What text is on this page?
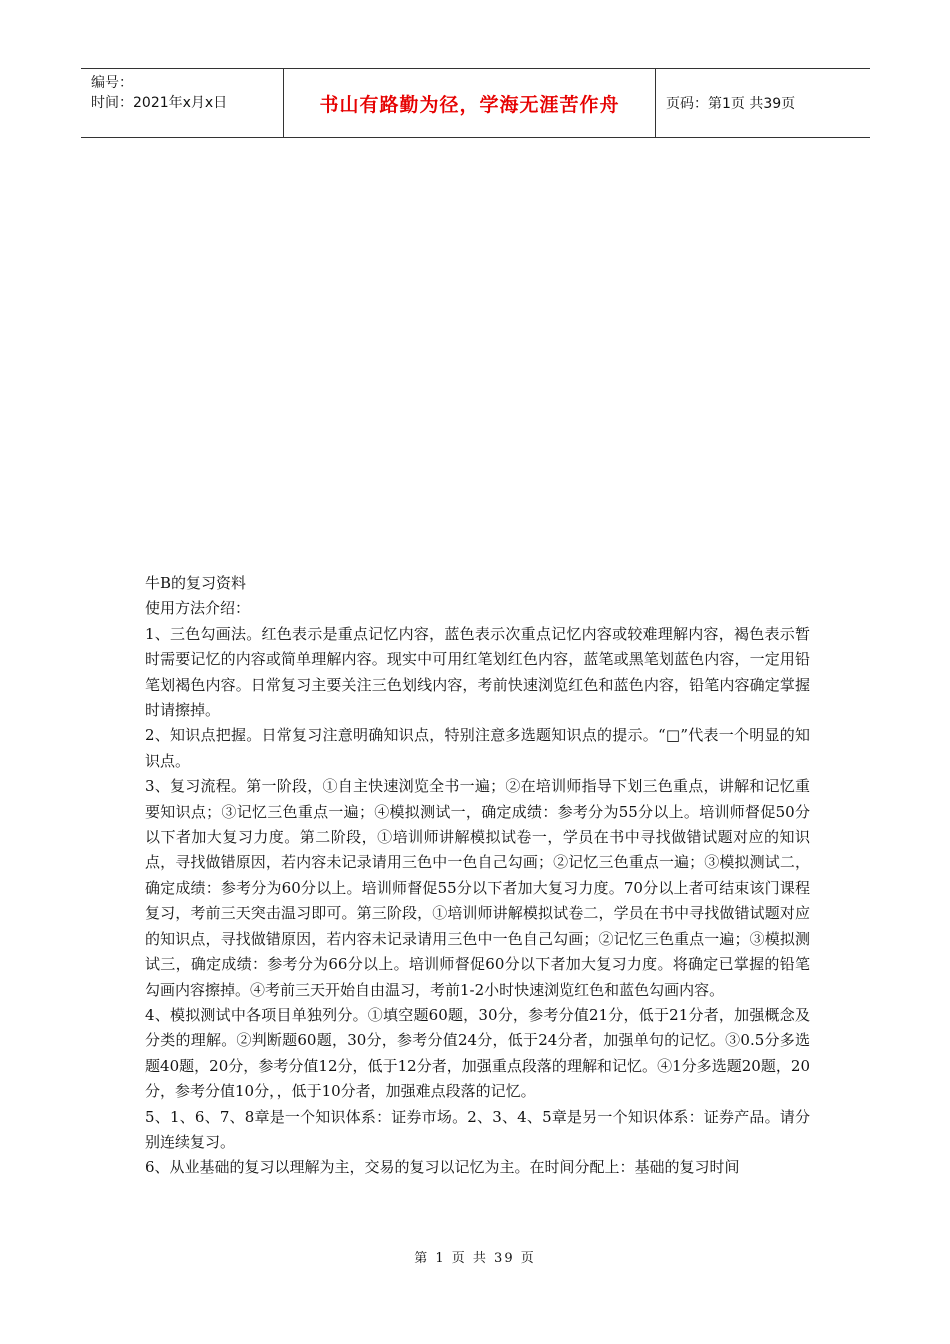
编号：
时间：2021年x月x日	书山有路勤为径，学海无涯苦作舟	页码：第1页 共39页

牛B的复习资料

使用方法介绍：

1、三色勾画法。红色表示是重点记忆内容，蓝色表示次重点记忆内容或较难理解内容，褐色表示暂时需要记忆的内容或简单理解内容。现实中可用红笔划红色内容，蓝笔或黑笔划蓝色内容，一定用铅笔划褐色内容。日常复习主要关注三色划线内容，考前快速浏览红色和蓝色内容，铅笔内容确定掌握时请擦掉。

2、知识点把握。日常复习注意明确知识点，特别注意多选题知识点的提示。“□”代表一个明显的知识点。

3、复习流程。第一阶段，①自主快速浏览全书一遍；②在培训师指导下划三色重点，讲解和记忆重要知识点；③记忆三色重点一遍；④模拟测试一，确定成绩：参考分为55分以上。培训师督促50分以下者加大复习力度。第二阶段，①培训师讲解模拟试卷一，学员在书中寻找做错试题对应的知识点，寻找做错原因，若内容未记录请用三色中一色自己勾画；②记忆三色重点一遍；③模拟测试二，确定成绩：参考分为60分以上。培训师督促55分以下者加大复习力度。70分以上者可结束该门课程复习，考前三天突击温习即可。第三阶段，①培训师讲解模拟试卷二，学员在书中寻找做错试题对应的知识点，寻找做错原因，若内容未记录请用三色中一色自己勾画；②记忆三色重点一遍；③模拟测试三，确定成绩：参考分为66分以上。培训师督促60分以下者加大复习力度。将确定已掌握的铅笔勾画内容擦掉。④考前三天开始自由温习，考前1-2小时快速浏览红色和蓝色勾画内容。

4、模拟测试中各项目单独列分。①填空题60题，30分，参考分值21分，低于21分者，加强概念及分类的理解。②判断题60题，30分，参考分值24分，低于24分者，加强单句的记忆。③0.5分多选题40题，20分，参考分值12分，低于12分者，加强重点段落的理解和记忆。④1分多选题20题，20分，参考分值10分，，低于10分者，加强难点段落的记忆。

5、1、6、7、8章是一个知识体系：证券市场。2、3、4、5章是另一个知识体系：证券产品。请分别连续复习。

6、从业基础的复习以理解为主，交易的复习以记忆为主。在时间分配上：基础的复习时间

第 1 页 共 39 页
